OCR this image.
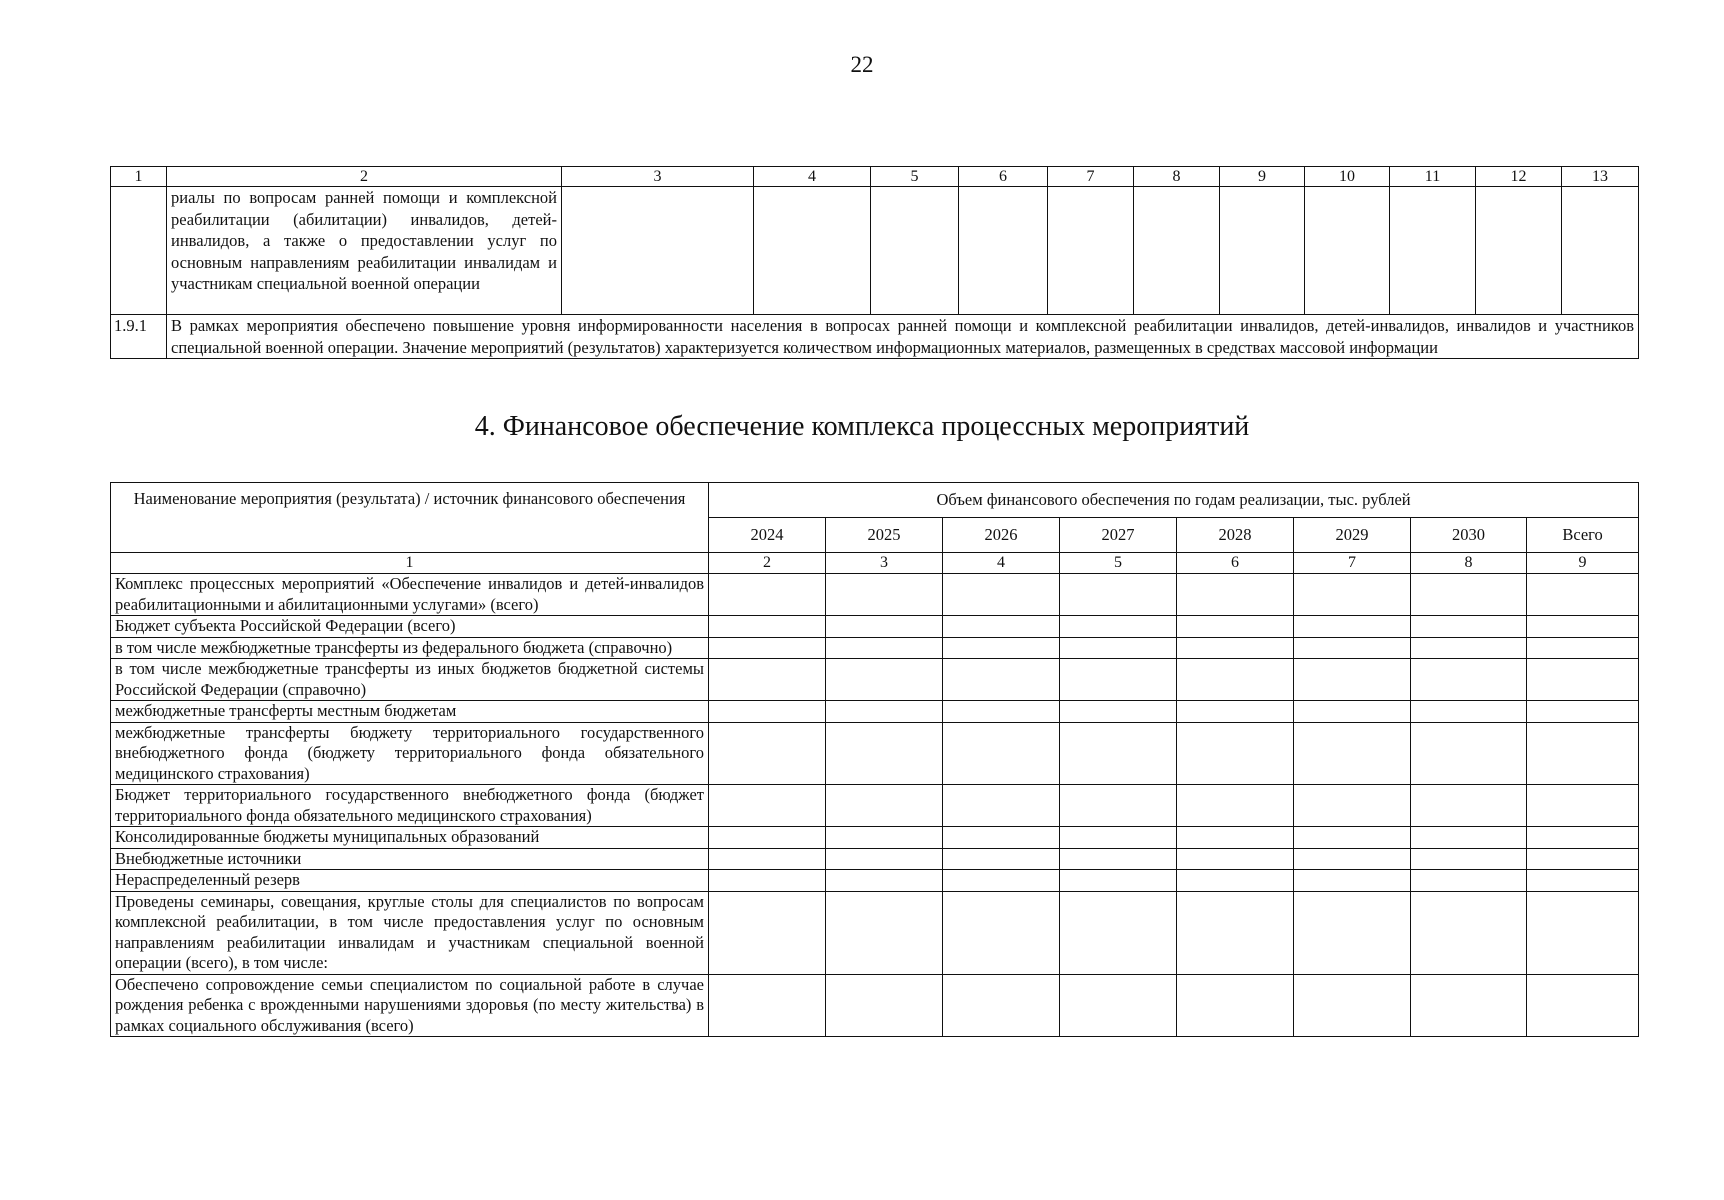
22
1	2	3	4	5	6	7	8	9	10	11	12	13
	риалы по вопросам ранней помощи и комплексной реабилитации (абилитации) инвалидов, детей-инвалидов, а также о предоставлении услуг по основным направлениям реабилитации инвалидам и участникам специальной военной операции											
1.9.1	В рамках мероприятия обеспечено повышение уровня информированности населения в вопросах ранней помощи и комплексной реабилитации инвалидов, детей-инвалидов, инвалидов и участников специальной военной операции. Значение мероприятий (результатов) характеризуется количеством информационных материалов, размещенных в средствах массовой информации											
4. Финансовое обеспечение комплекса процессных мероприятий
Наименование мероприятия (результата) / источник финансового обеспечения	Объем финансового обеспечения по годам реализации, тыс. рублей							
	2024	2025	2026	2027	2028	2029	2030	Всего
1	2	3	4	5	6	7	8	9
Комплекс процессных мероприятий «Обеспечение инвалидов и детей-инвалидов реабилитационными и абилитационными услугами» (всего)								
Бюджет субъекта Российской Федерации (всего)								
в том числе межбюджетные трансферты из федерального бюджета (справочно)								
в том числе межбюджетные трансферты из иных бюджетов бюджетной системы Российской Федерации (справочно)								
межбюджетные трансферты местным бюджетам								
межбюджетные трансферты бюджету территориального государственного внебюджетного фонда (бюджету территориального фонда обязательного медицинского страхования)								
Бюджет территориального государственного внебюджетного фонда (бюджет территориального фонда обязательного медицинского страхования)								
Консолидированные бюджеты муниципальных образований								
Внебюджетные источники								
Нераспределенный резерв								
Проведены семинары, совещания, круглые столы для специалистов по вопросам комплексной реабилитации, в том числе предоставления услуг по основным направлениям реабилитации инвалидам и участникам специальной военной операции (всего), в том числе:								
Обеспечено сопровождение семьи специалистом по социальной работе в случае рождения ребенка с врожденными нарушениями здоровья (по месту жительства) в рамках социального обслуживания (всего)								
